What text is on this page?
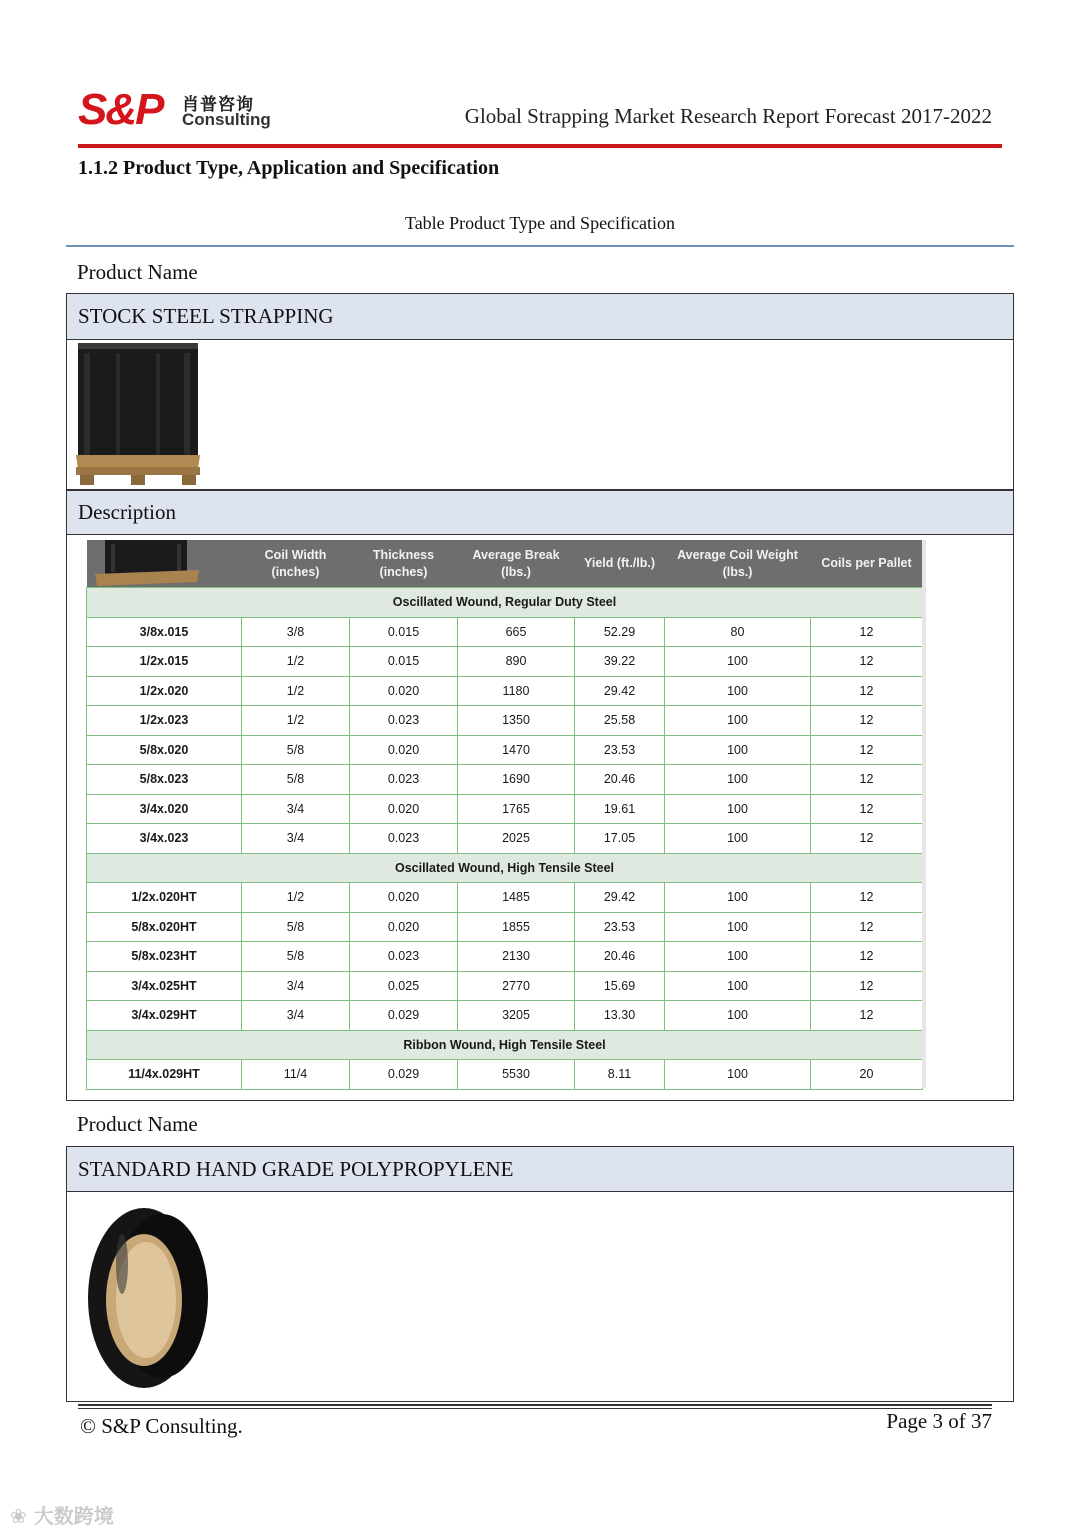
S&P 肖普咨询
Consulting	Global Strapping Market Research Report Forecast 2017-2022
1.1.2 Product Type, Application and Specification
Table Product Type and Specification
Product Name
STOCK STEEL STRAPPING
Description
	Coil Width (inches)	Thickness (inches)	Average Break (lbs.)	Yield (ft./lb.)	Average Coil Weight (lbs.)	Coils per Pallet
Oscillated Wound, Regular Duty Steel						
3/8x.015	3/8	0.015	665	52.29	80	12
1/2x.015	1/2	0.015	890	39.22	100	12
1/2x.020	1/2	0.020	1180	29.42	100	12
1/2x.023	1/2	0.023	1350	25.58	100	12
5/8x.020	5/8	0.020	1470	23.53	100	12
5/8x.023	5/8	0.023	1690	20.46	100	12
3/4x.020	3/4	0.020	1765	19.61	100	12
3/4x.023	3/4	0.023	2025	17.05	100	12
Oscillated Wound, High Tensile Steel						
1/2x.020HT	1/2	0.020	1485	29.42	100	12
5/8x.020HT	5/8	0.020	1855	23.53	100	12
5/8x.023HT	5/8	0.023	2130	20.46	100	12
3/4x.025HT	3/4	0.025	2770	15.69	100	12
3/4x.029HT	3/4	0.029	3205	13.30	100	12
Ribbon Wound, High Tensile Steel						
11/4x.029HT	11/4	0.029	5530	8.11	100	20
Product Name
STANDARD HAND GRADE POLYPROPYLENE
© S&P Consulting.	Page 3 of 37
❀ 大数跨境
